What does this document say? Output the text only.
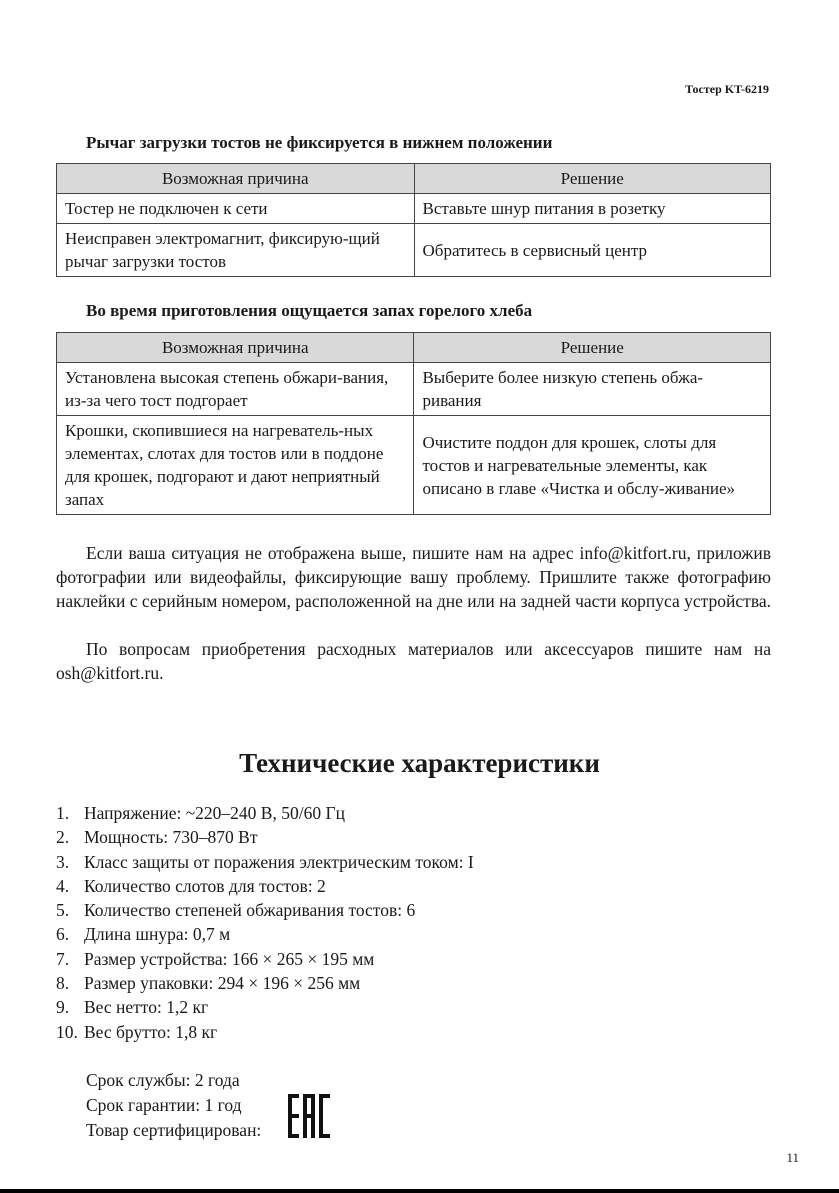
Тостер KT-6219
Рычаг загрузки тостов не фиксируется в нижнем положении
Возможная причина	Решение
Тостер не подключен к сети	Вставьте шнур питания в розетку
Неисправен электромагнит, фиксирую-щий рычаг загрузки тостов	Обратитесь в сервисный центр
Во время приготовления ощущается запах горелого хлеба
Возможная причина	Решение
Установлена высокая степень обжари-вания, из-за чего тост подгорает	Выберите более низкую степень обжа-ривания
Крошки, скопившиеся на нагреватель-ных элементах, слотах для тостов или в поддоне для крошек, подгорают и дают неприятный запах	Очистите поддон для крошек, слоты для тостов и нагревательные элементы, как описано в главе «Чистка и обслу-живание»

Если ваша ситуация не отображена выше, пишите нам на адрес info@kitfort.ru, приложив фотографии или видеофайлы, фиксирующие вашу проблему. Пришлите также фотографию наклейки с серийным номером, расположенной на дне или на задней части корпуса устройства.

По вопросам приобретения расходных материалов или аксессуаров пишите нам на osh@kitfort.ru.

Технические характеристики
1. Напряжение: ~220–240 В, 50/60 Гц
2. Мощность: 730–870 Вт
3. Класс защиты от поражения электрическим током: I
4. Количество слотов для тостов: 2
5. Количество степеней обжаривания тостов: 6
6. Длина шнура: 0,7 м
7. Размер устройства: 166 × 265 × 195 мм
8. Размер упаковки: 294 × 196 × 256 мм
9. Вес нетто: 1,2 кг
10. Вес брутто: 1,8 кг
Срок службы: 2 года
Срок гарантии: 1 год
Товар сертифицирован:
11
